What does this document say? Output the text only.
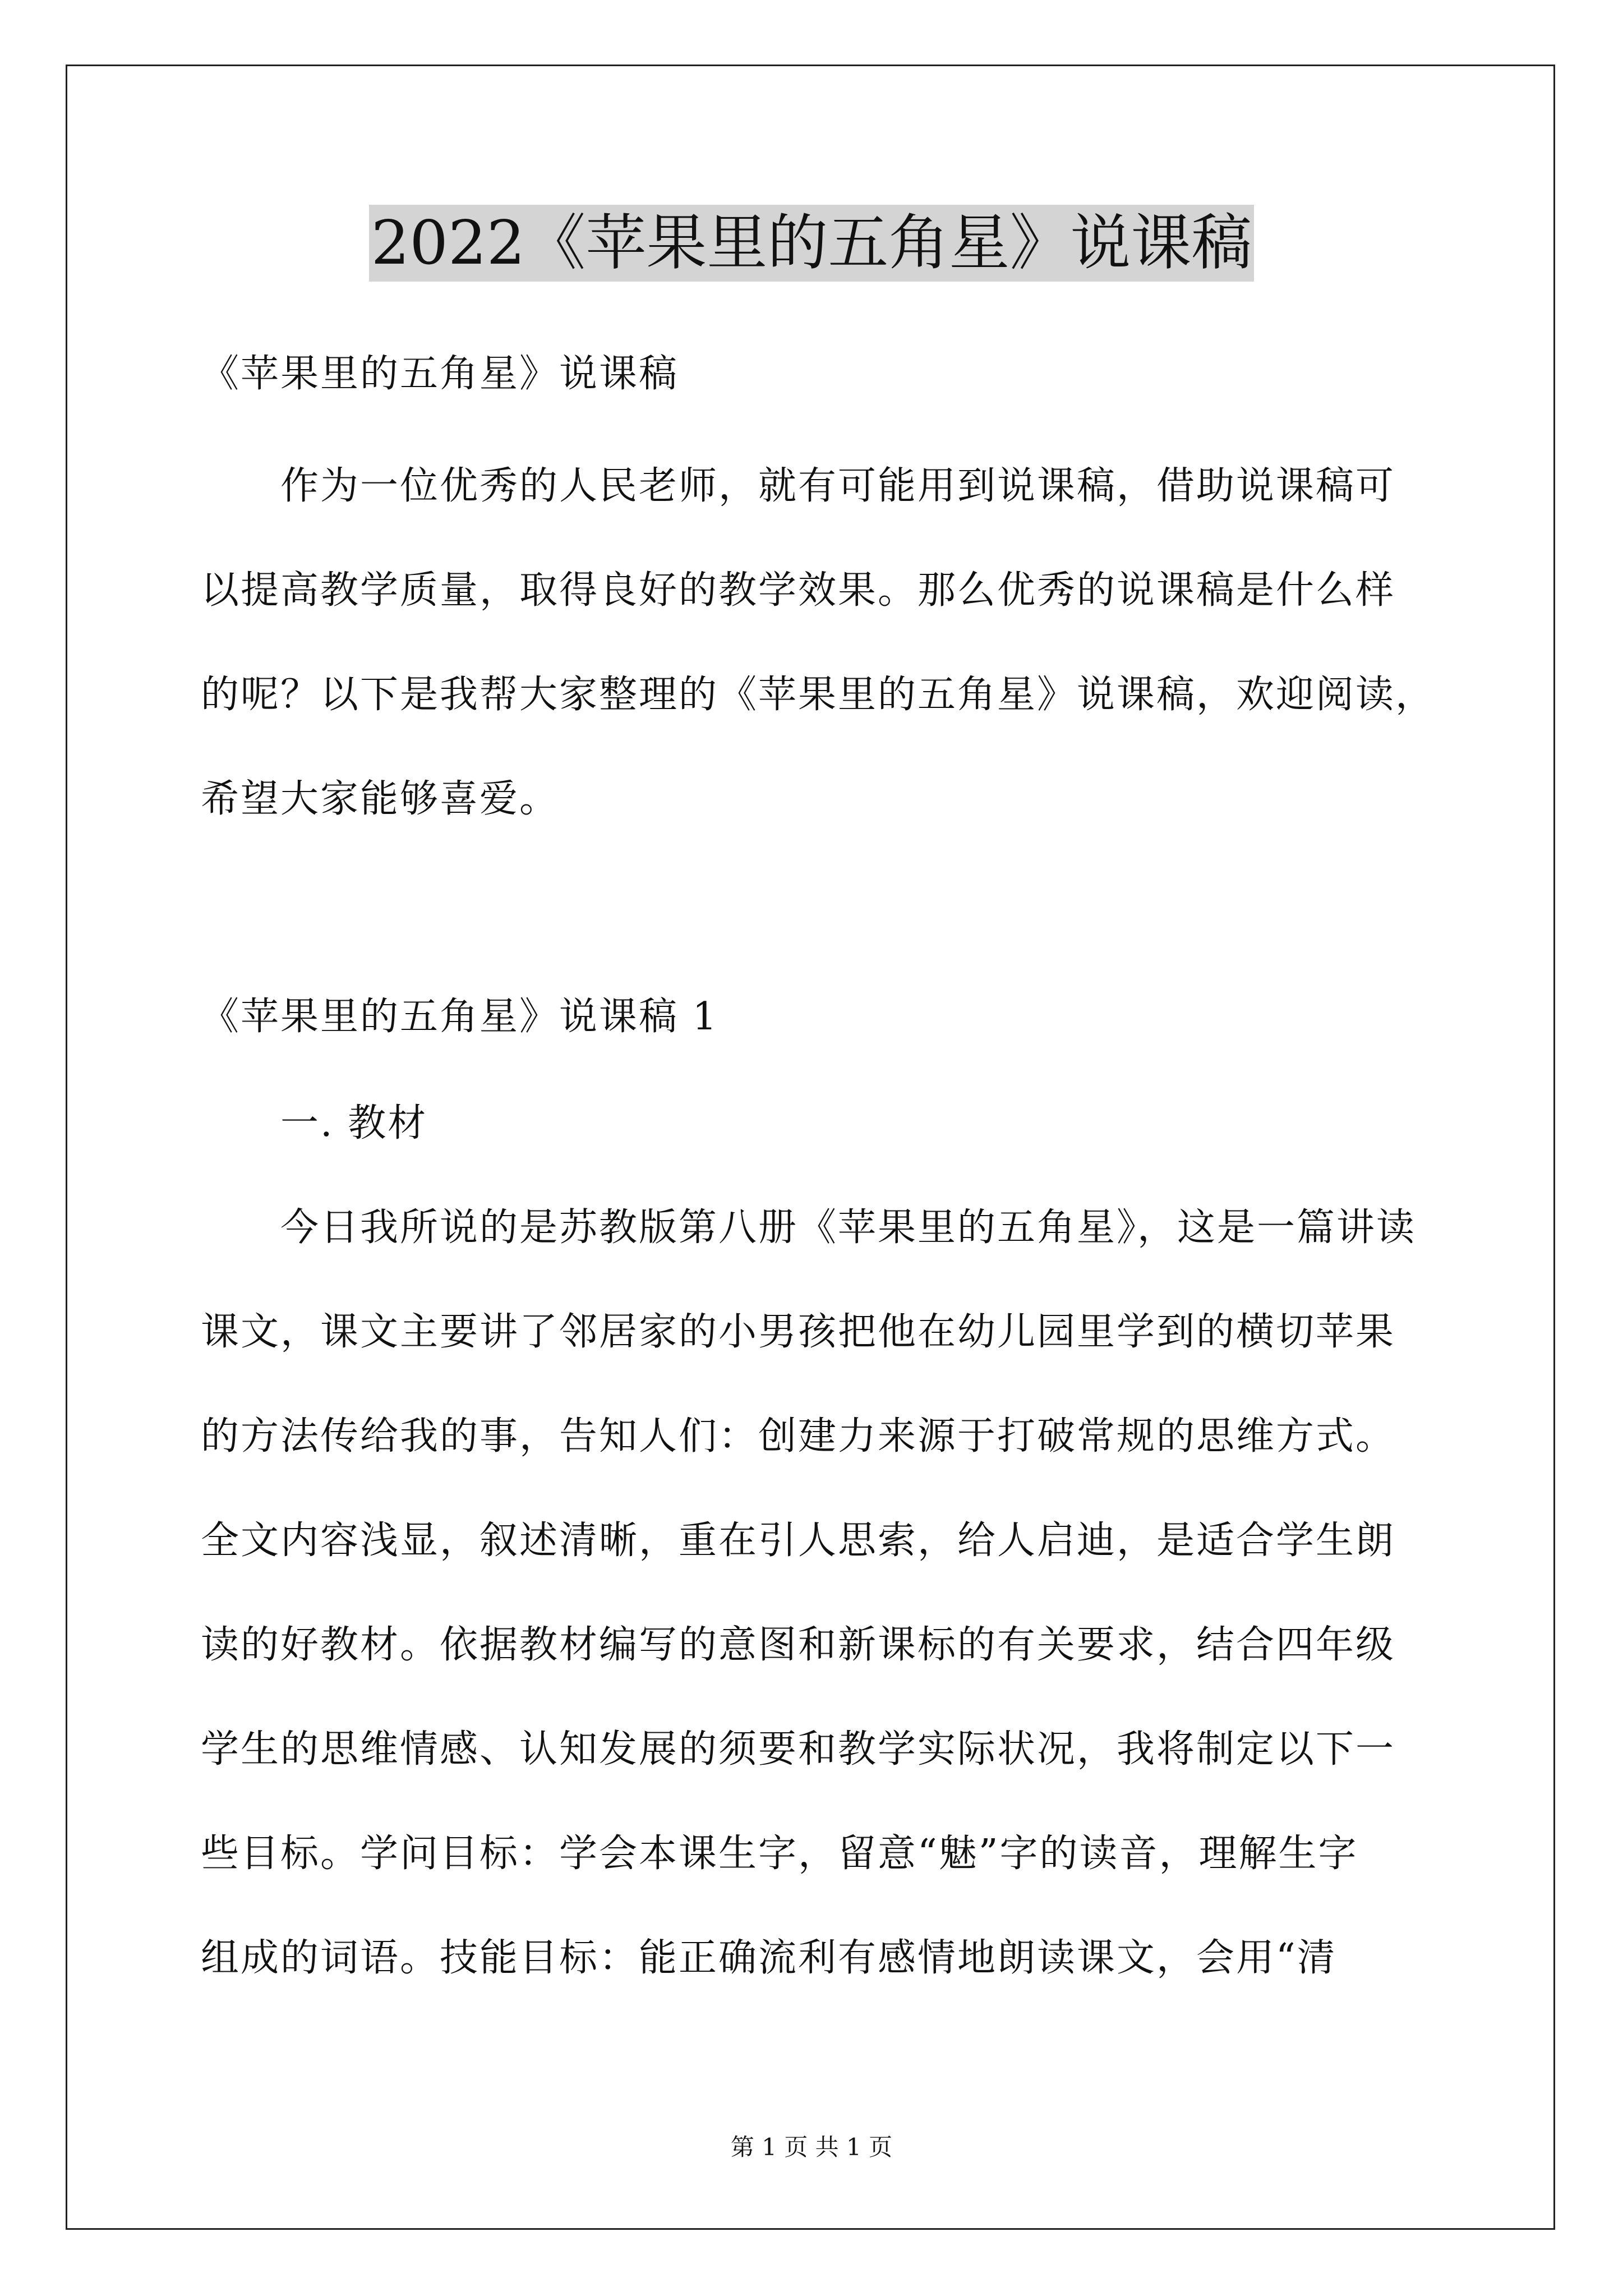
2022《苹果里的五角星》说课稿
《苹果里的五角星》说课稿
作为一位优秀的人民老师，就有可能用到说课稿，借助说课稿可
以提高教学质量，取得良好的教学效果。那么优秀的说课稿是什么样
的呢？以下是我帮大家整理的《苹果里的五角星》说课稿，欢迎阅读，
希望大家能够喜爱。
《苹果里的五角星》说课稿 1
一. 教材
今日我所说的是苏教版第八册《苹果里的五角星》，这是一篇讲读
课文，课文主要讲了邻居家的小男孩把他在幼儿园里学到的横切苹果
的方法传给我的事，告知人们：创建力来源于打破常规的思维方式。
全文内容浅显，叙述清晰，重在引人思索，给人启迪，是适合学生朗
读的好教材。依据教材编写的意图和新课标的有关要求，结合四年级
学生的思维情感、认知发展的须要和教学实际状况，我将制定以下一
些目标。学问目标：学会本课生字，留意“魅”字的读音，理解生字
组成的词语。技能目标：能正确流利有感情地朗读课文，会用“清
第 1 页 共 1 页
